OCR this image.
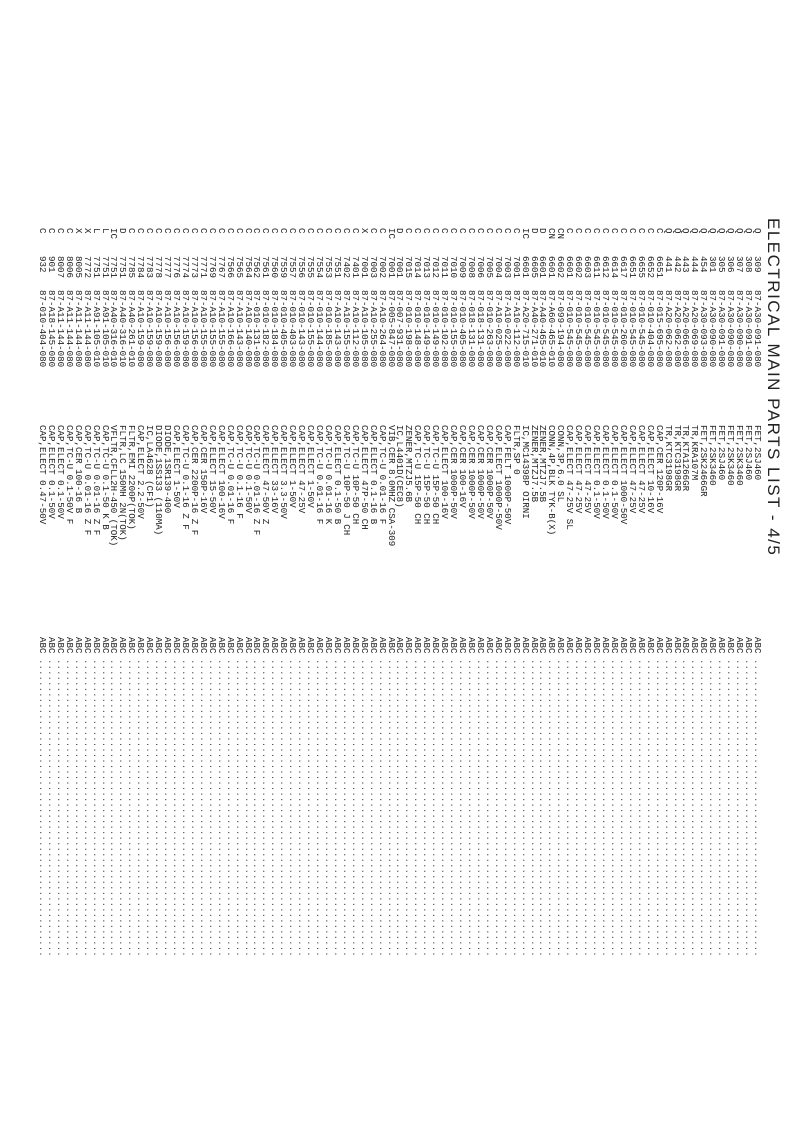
ELECTRICAL MAIN PARTS LIST - 4/5
Q
309
87-A30-091-080
FET,2SJ460
ABC
......................................................
Q
308
87-A30-091-080
FET,2SJ460
ABC
......................................................
Q
307
87-A30-090-080
FET,2SK3460
ABC
......................................................
Q
306
87-A30-090-080
FET,2SK3460
ABC
......................................................
Q
305
87-A30-091-080
FET,2SJ460
ABC
......................................................
Q
301
87-A30-090-080
FET,2SK3460
ABC
......................................................
Q
454
87-A30-093-080
FET,2SK2466GR
ABC
......................................................
Q
444
87-A20-069-080
TR,KRA107M
ABC
......................................................
Q
443
87-A20-066-080
TR,KTA1266GR
ABC
......................................................
Q
442
87-A20-062-080
TR,KTC3198GR
ABC
......................................................
Q
441
87-A20-062-080
TR,KTC3198GR
ABC
......................................................
C
6651
87-015-695-080
CAP,CER 120P-16V
ABC
......................................................
C
6652
87-010-404-080
CAP,ELECT 10-16V
ABC
......................................................
C
6655
87-010-545-080
CAP,ELECT 47-25V
ABC
......................................................
C
6651
87-010-545-080
CAP,ELECT 47-25V
ABC
......................................................
C
6617
87-010-260-080
CAP,ELECT 1000-50V
ABC
......................................................
C
6614
87-010-545-080
CAP,ELECT 0.1-50V
ABC
......................................................
C
6612
87-010-545-080
CAP,ELECT 0.1-50V
ABC
......................................................
C
6611
87-010-545-080
CAP,ELECT 0.1-50V
ABC
......................................................
C
6603
87-010-545-080
CAP,ELECT 47-25V
ABC
......................................................
C
6602
87-010-545-080
CAP,ELECT 47-25V
ABC
......................................................
C
6601
87-010-545-080
CAP,ELECT 47-25V SL
ABC
......................................................
CN
6602
87-099-194-080
CONN,3P,6.0 SL
ABC
......................................................
CN
6601
87-A60-465-010
CONN,4P,BLK TYK-B(X)
ABC
......................................................
D
6601
87-A40-465-010
ZENER,MTZJ7.5B
ABC
......................................................
D
6605
87-A40-271-010
ZENER,MTZJ7.5B
ABC
......................................................
IC
6601
87-A20-715-010
IC,MC14398P OIRNI
ABC
......................................................
C
7001
87-A10-112-080
FLTR,SP 0
ABC
......................................................
C
7003
87-A10-022-080
CAP,FELT 1000P-50V
ABC
......................................................
C
7004
87-A10-025-080
CAP,ELECT 1000P-50V
ABC
......................................................
C
7005
87-010-263-080
CAP,CER 1000P-50V
ABC
......................................................
C
7006
87-018-131-080
CAP,CER 1000P-50V
ABC
......................................................
C
7008
87-018-131-080
CAP,CER 1000P-50V
ABC
......................................................
C
7009
87-010-405-080
CAP,CER 100-16V
ABC
......................................................
C
7010
87-010-155-080
CAP,CER 1000P-50V
ABC
......................................................
C
7011
87-010-102-080
CAP,ELECT 100-16V
ABC
......................................................
C
7012
87-010-149-080
CAP,TC-U 15P-50 CH
ABC
......................................................
C
7013
87-010-149-080
CAP,TC-U 15P-50 CH
ABC
......................................................
C
7014
87-010-148-080
CAP,TC-U 15P-50 CH
ABC
......................................................
C
7015
87-010-198-080
ZENER,MTZJ5.6B
ABC
......................................................
D
7001
87-007-931-080
IC,L4401D(CEC8)
ABC
......................................................
IC
7001
87-005-847-080
VIB,CER 8.0MHZ CSA-309
ABC
......................................................
C
7002
87-A10-264-080
CAP,TC-U 0.01-16 F
ABC
......................................................
C
7003
87-A10-255-080
CAP,ELECT 0.1-16 B
ABC
......................................................
X
7001
87-A10-105-080
CAP,ELECT 47P-50 CH
ABC
......................................................
C
7401
87-A10-112-080
CAP,TC-U 10P-50 CH
ABC
......................................................
C
7402
87-A10-155-080
CAP,TC-U 10P-50 J CH
ABC
......................................................
C
7551
87-A10-143-080
CAP,ELECT 0.1-50 B
ABC
......................................................
C
7553
87-010-185-080
CAP,TC-U 0.01-16 K
ABC
......................................................
C
7554
87-010-144-080
CAP,TC-U 0.01-16 F
ABC
......................................................
C
7555
87-010-155-080
CAP,ELECT 1-50V
ABC
......................................................
C
7556
87-010-143-080
CAP,ELECT 47-25V
ABC
......................................................
C
7557
87-010-403-080
CAP,ELECT 1-50V
ABC
......................................................
C
7559
87-010-405-080
CAP,ELECT 3.3-50V
ABC
......................................................
C
7560
87-010-184-080
CAP,ELECT 33-16V
ABC
......................................................
C
7561
87-010-182-080
CAP,ELECT 47-50V Z
ABC
......................................................
C
7562
87-010-131-080
CAP,TC-U 0.01-16 Z F
ABC
......................................................
C
7564
87-A10-140-080
CAP,TC-U 0.1-50V
ABC
......................................................
C
7565
87-A10-143-080
CAP,TC-U 0.1-16 F
ABC
......................................................
C
7566
87-A10-166-080
CAP,TC-U 0.01-16 F
ABC
......................................................
C
7767
87-A10-155-080
CAP,ELECT 100-16V
ABC
......................................................
C
7769
87-A10-155-080
CAP,ELECT 15-50V
ABC
......................................................
C
7771
87-A10-155-080
CAP,CER 150P-16V
ABC
......................................................
C
7773
87-A10-156-080
CAP,CER 2200P-16 Z F
ABC
......................................................
C
7774
87-A10-159-080
CAP,TC-U 0.1-16 Z F
ABC
......................................................
C
7776
87-A10-156-080
CAP,ELECT 1-50V
ABC
......................................................
C
7777
87-A10-156-080
DIODE,1SR139-400
ABC
......................................................
C
7778
87-A10-159-080
DIODE,1SS133 (110MA)
ABC
......................................................
C
7783
87-A10-159-080
IC,LA4628 (CF1)
ABC
......................................................
C
7784
87-A10-159-080
CAP,ELECT 2.2-50V
ABC
......................................................
C
7785
87-A40-261-010
FLTR,EMI 2200P(TOK)
ABC
......................................................
D
7751
87-A40-316-010
FLTR,LC 150MH 2N(TOK)
ABC
......................................................
IC
7751
87-A40-316-010
VFLTR,CFLL2H-450 (TOK)
ABC
......................................................
L
7751
87-A91-105-010
CAP,TC-U 0.1-50 K B
ABC
......................................................
L
7751
87-A91-105-010
CAP,TC-U 0.01-16 Z F
ABC
......................................................
X
7772
87-A11-144-080
CAP,TC-U 0.01-16 Z F
ABC
......................................................
X
8005
87-A11-144-080
CAP,CER 100-16 B
ABC
......................................................
C
8006
87-A11-144-080
CAP,TC-U 0.1-50V F
ABC
......................................................
C
8007
87-A11-144-080
CAP,ELECT 0.1-50V
ABC
......................................................
C
901
87-A18-145-080
CAP,ELECT 0.1-50V
ABC
......................................................
C
932
87-010-404-080
CAP,ELECT 0.47-50V
ABC
......................................................
